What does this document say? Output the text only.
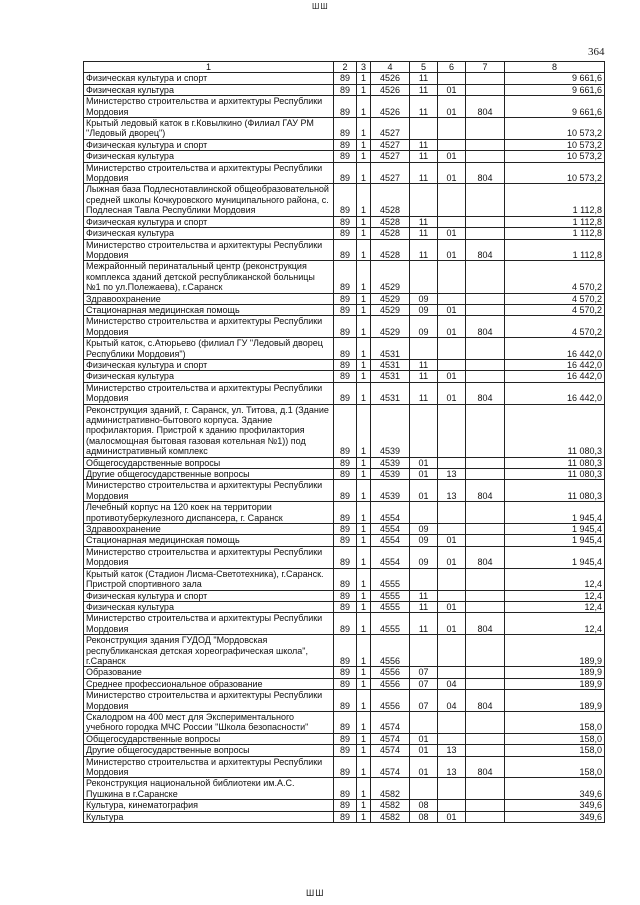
ШШ
364
1	2	3	4	5	6	7	8
Физическая культура и спорт	89	1	4526	11			9 661,6
Физическая культура	89	1	4526	11	01		9 661,6
Министерство строительства и архитектуры Республики Мордовия	89	1	4526	11	01	804	9 661,6
Крытый ледовый каток в г.Ковылкино (Филиал ГАУ РМ "Ледовый дворец")	89	1	4527				10 573,2
Физическая культура и спорт	89	1	4527	11			10 573,2
Физическая культура	89	1	4527	11	01		10 573,2
Министерство строительства и архитектуры Республики Мордовия	89	1	4527	11	01	804	10 573,2
Лыжная база Подлеснотавлинской общеобразовательной средней школы Кочкуровского муниципального района, с. Подлесная Тавла Республики Мордовия	89	1	4528				1 112,8
Физическая культура и спорт	89	1	4528	11			1 112,8
Физическая культура	89	1	4528	11	01		1 112,8
Министерство строительства и архитектуры Республики Мордовия	89	1	4528	11	01	804	1 112,8
Межрайонный перинатальный центр (реконструкция комплекса зданий детской республиканской больницы №1 по ул.Полежаева), г.Саранск	89	1	4529				4 570,2
Здравоохранение	89	1	4529	09			4 570,2
Стационарная медицинская помощь	89	1	4529	09	01		4 570,2
Министерство строительства и архитектуры Республики Мордовия	89	1	4529	09	01	804	4 570,2
Крытый каток, с.Атюрьево (филиал ГУ "Ледовый дворец Республики Мордовия")	89	1	4531				16 442,0
Физическая культура и спорт	89	1	4531	11			16 442,0
Физическая культура	89	1	4531	11	01		16 442,0
Министерство строительства и архитектуры Республики Мордовия	89	1	4531	11	01	804	16 442,0
Реконструкция зданий, г. Саранск, ул. Титова, д.1 (Здание административно-бытового корпуса. Здание профилактория. Пристрой к зданию профилактория (малосмощная бытовая газовая котельная №1)) под административный комплекс	89	1	4539				11 080,3
Общегосударственные вопросы	89	1	4539	01			11 080,3
Другие общегосударственные вопросы	89	1	4539	01	13		11 080,3
Министерство строительства и архитектуры Республики Мордовия	89	1	4539	01	13	804	11 080,3
Лечебный корпус на 120 коек на территории противотуберкулезного диспансера, г. Саранск	89	1	4554				1 945,4
Здравоохранение	89	1	4554	09			1 945,4
Стационарная медицинская помощь	89	1	4554	09	01		1 945,4
Министерство строительства и архитектуры Республики Мордовия	89	1	4554	09	01	804	1 945,4
Крытый каток (Стадион Лисма-Светотехника), г.Саранск. Пристрой спортивного зала	89	1	4555				12,4
Физическая культура и спорт	89	1	4555	11			12,4
Физическая культура	89	1	4555	11	01		12,4
Министерство строительства и архитектуры Республики Мордовия	89	1	4555	11	01	804	12,4
Реконструкция здания ГУДОД "Мордовская республиканская детская хореографическая школа", г.Саранск	89	1	4556				189,9
Образование	89	1	4556	07			189,9
Среднее профессиональное образование	89	1	4556	07	04		189,9
Министерство строительства и архитектуры Республики Мордовия	89	1	4556	07	04	804	189,9
Скалодром на 400 мест для Экспериментального учебного городка МЧС России "Школа безопасности"	89	1	4574				158,0
Общегосударственные вопросы	89	1	4574	01			158,0
Другие общегосударственные вопросы	89	1	4574	01	13		158,0
Министерство строительства и архитектуры Республики Мордовия	89	1	4574	01	13	804	158,0
Реконструкция национальной библиотеки им.А.С. Пушкина в г.Саранске	89	1	4582				349,6
Культура, кинематография	89	1	4582	08			349,6
Культура	89	1	4582	08	01		349,6
ШШ
